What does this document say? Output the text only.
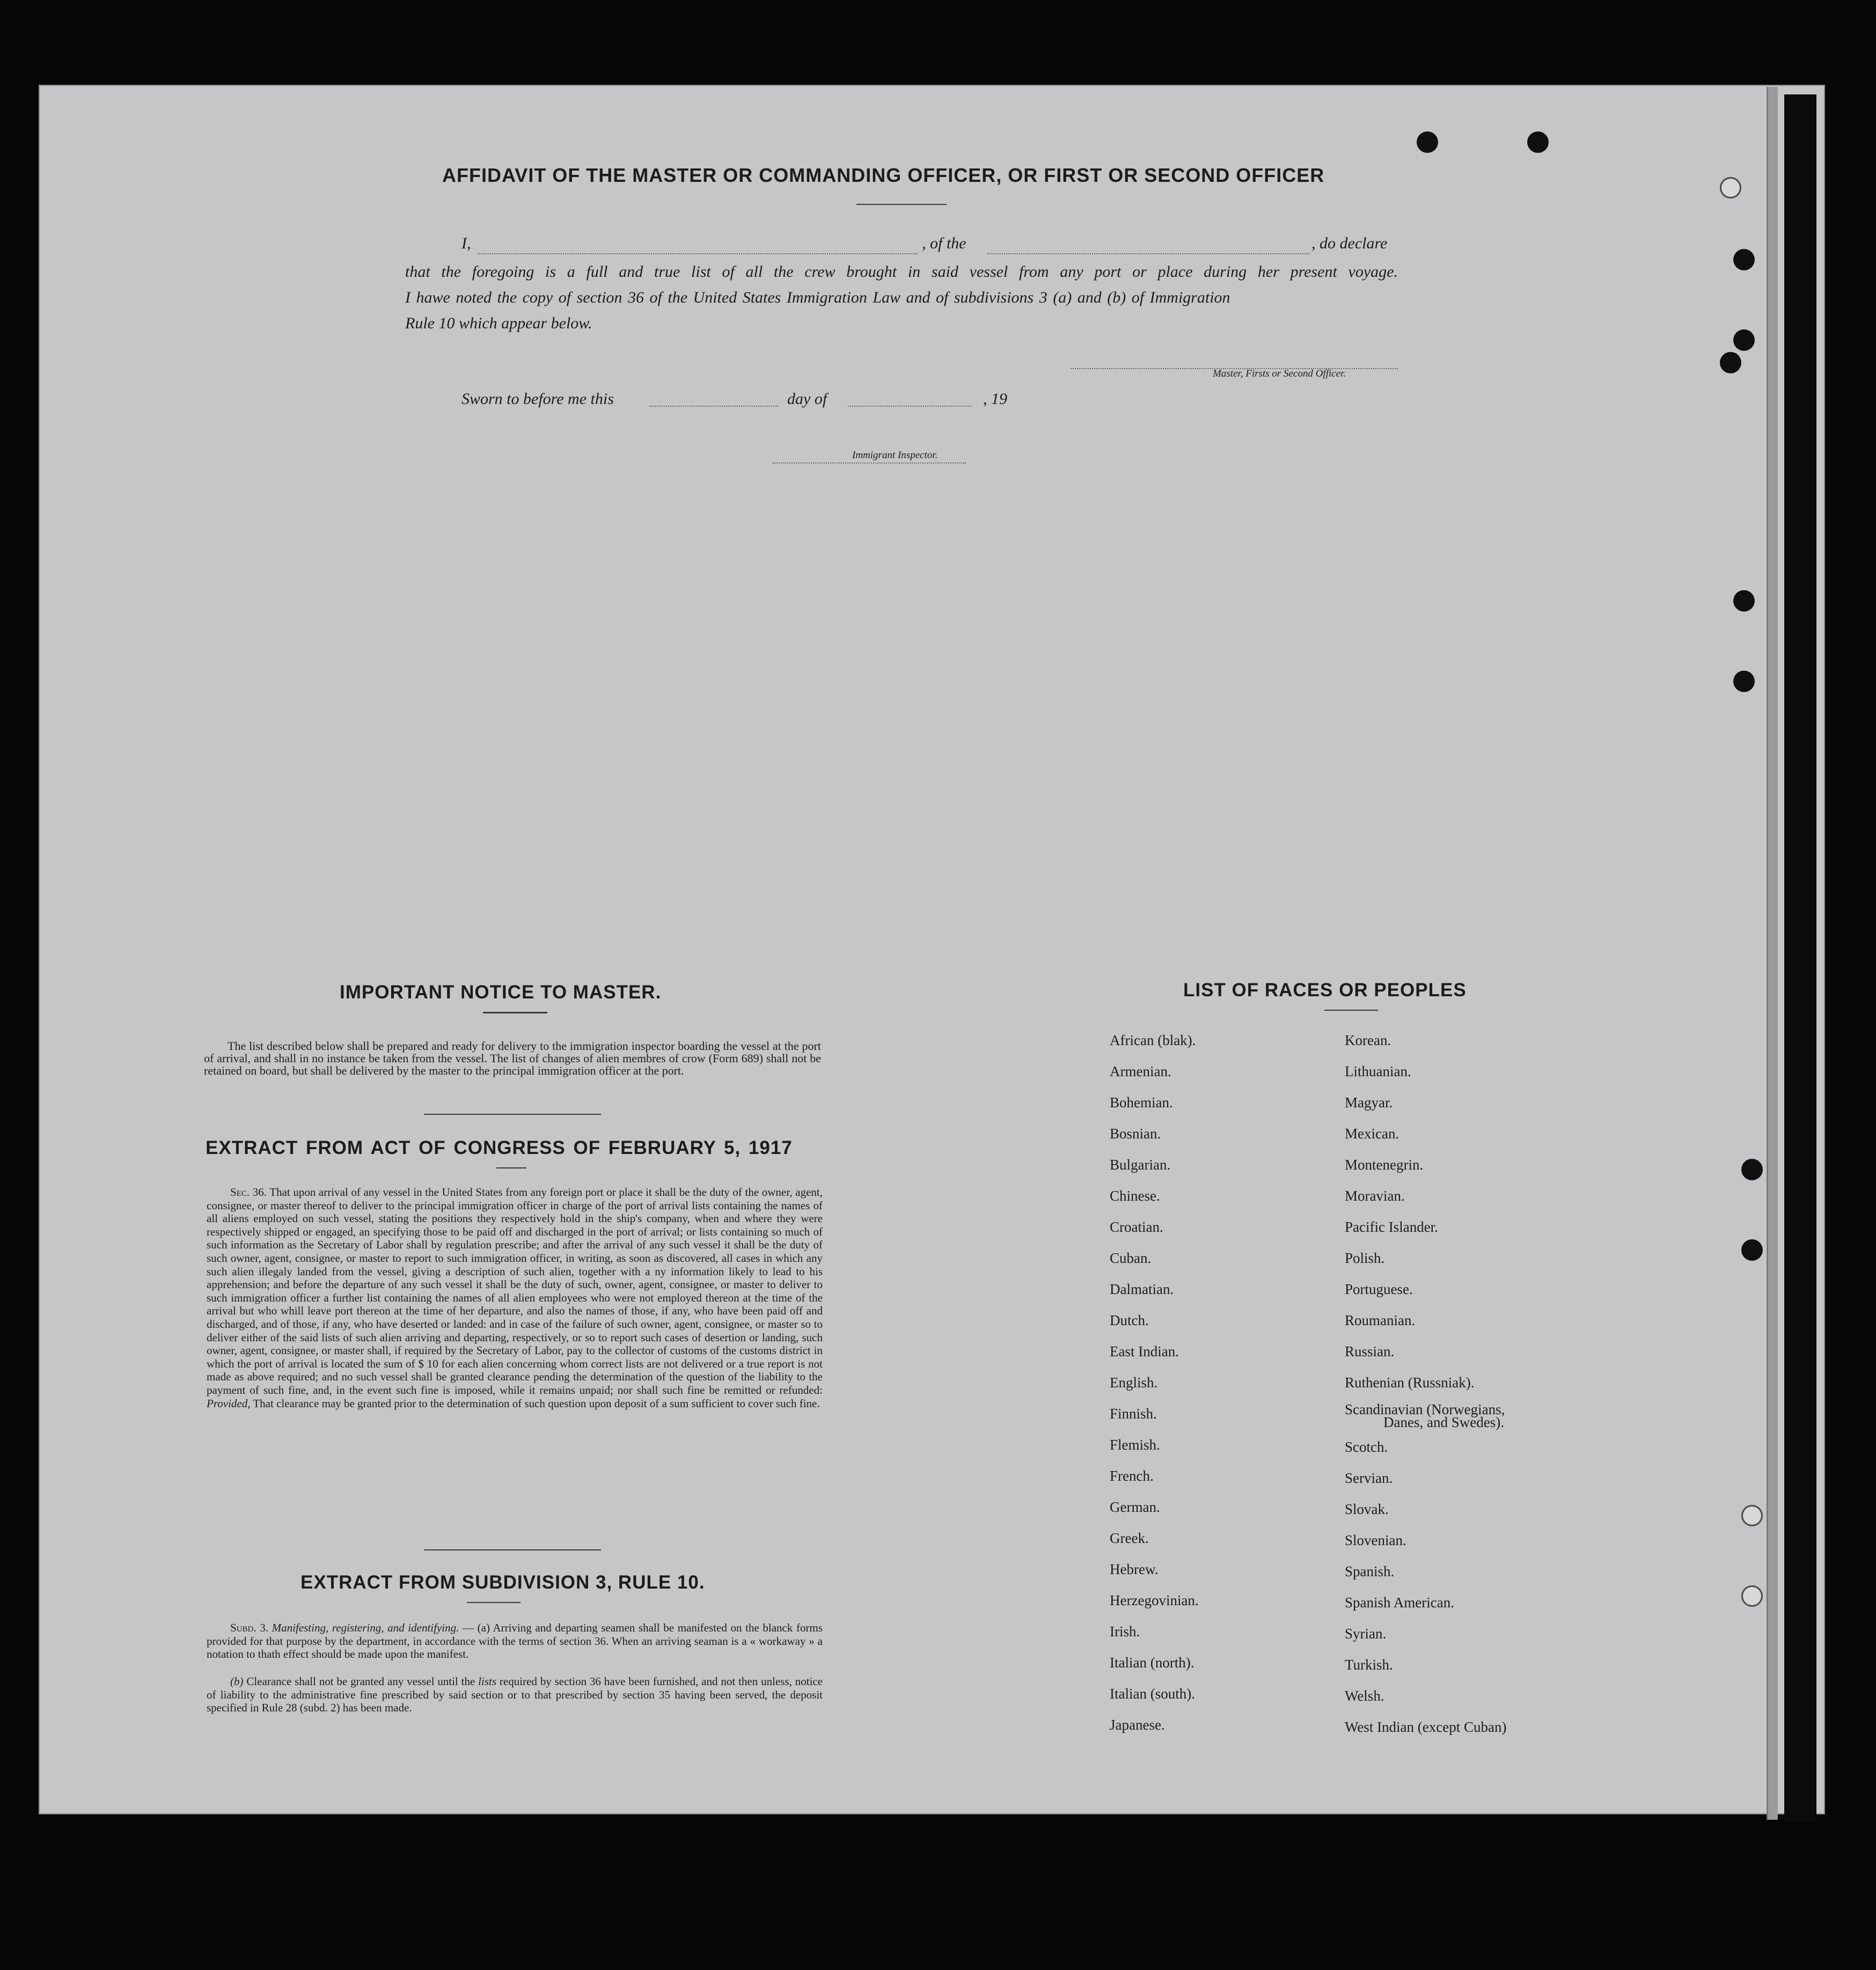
AFFIDAVIT OF THE MASTER OR COMMANDING OFFICER, OR FIRST OR SECOND OFFICER
I,	, of the	, do declare
that the foregoing is a full and true list of all the crew brought in said vessel from any port or place during her present voyage.
I hawe noted the copy of section 36 of the United States Immigration Law and of subdivisions 3 (a) and (b) of Immigration
Rule 10 which appear below.
Master, Firsts or Second Officer.
Sworn to before me this	day of	, 19
Immigrant Inspector.
IMPORTANT NOTICE TO MASTER.
The list described below shall be prepared and ready for delivery to the immigration inspector boarding the vessel at the port of arrival, and shall in no instance be taken from the vessel. The list of changes of alien membres of crow (Form 689) shall not be retained on board, but shall be delivered by the master to the principal immigration officer at the port.
EXTRACT FROM ACT OF CONGRESS OF FEBRUARY 5, 1917
Sec. 36. That upon arrival of any vessel in the United States from any foreign port or place it shall be the duty of the owner, agent, consignee, or master thereof to deliver to the principal immigration officer in charge of the port of arrival lists containing the names of all aliens employed on such vessel, stating the positions they respectively hold in the ship's company, when and where they were respectively shipped or engaged, an specifying those to be paid off and discharged in the port of arrival; or lists containing so much of such information as the Secretary of Labor shall by regulation prescribe; and after the arrival of any such vessel it shall be the duty of such owner, agent, consignee, or master to report to such immigration officer, in writing, as soon as discovered, all cases in which any such alien illegaly landed from the vessel, giving a description of such alien, together with a ny information likely to lead to his apprehension; and before the departure of any such vessel it shall be the duty of such, owner, agent, consignee, or master to deliver to such immigration officer a further list containing the names of all alien employees who were not employed thereon at the time of the arrival but who whill leave port thereon at the time of her departure, and also the names of those, if any, who have been paid off and discharged, and of those, if any, who have deserted or landed: and in case of the failure of such owner, agent, consignee, or master so to deliver either of the said lists of such alien arriving and departing, respectively, or so to report such cases of desertion or landing, such owner, agent, consignee, or master shall, if required by the Secretary of Labor, pay to the collector of customs of the customs district in which the port of arrival is located the sum of $ 10 for each alien concerning whom correct lists are not delivered or a true report is not made as above required; and no such vessel shall be granted clearance pending the determination of the question of the liability to the payment of such fine, and, in the event such fine is imposed, while it remains unpaid; nor shall such fine be remitted or refunded: Provided, That clearance may be granted prior to the determination of such question upon deposit of a sum sufficient to cover such fine.
EXTRACT FROM SUBDIVISION 3, RULE 10.
Subd. 3. Manifesting, registering, and identifying. — (a) Arriving and departing seamen shall be manifested on the blanck forms provided for that purpose by the department, in accordance with the terms of section 36. When an arriving seaman is a « workaway » a notation to thath effect should be made upon the manifest.
(b) Clearance shall not be granted any vessel until the lists required by section 36 have been furnished, and not then unless, notice of liability to the administrative fine prescribed by said section or to that prescribed by section 35 having been served, the deposit specified in Rule 28 (subd. 2) has been made.
LIST OF RACES OR PEOPLES
Danes, and Swedes).
African (blak).
Armenian.
Bohemian.
Bosnian.
Bulgarian.
Chinese.
Croatian.
Cuban.
Dalmatian.
Dutch.
East Indian.
English.
Finnish.
Flemish.
French.
German.
Greek.
Hebrew.
Herzegovinian.
Irish.
Italian (north).
Italian (south).
Japanese.
Korean.
Lithuanian.
Magyar.
Mexican.
Montenegrin.
Moravian.
Pacific Islander.
Polish.
Portuguese.
Roumanian.
Russian.
Ruthenian (Russniak).
Scandinavian (Norwegians,
Scotch.
Servian.
Slovak.
Slovenian.
Spanish.
Spanish American.
Syrian.
Turkish.
Welsh.
West Indian (except Cuban)
